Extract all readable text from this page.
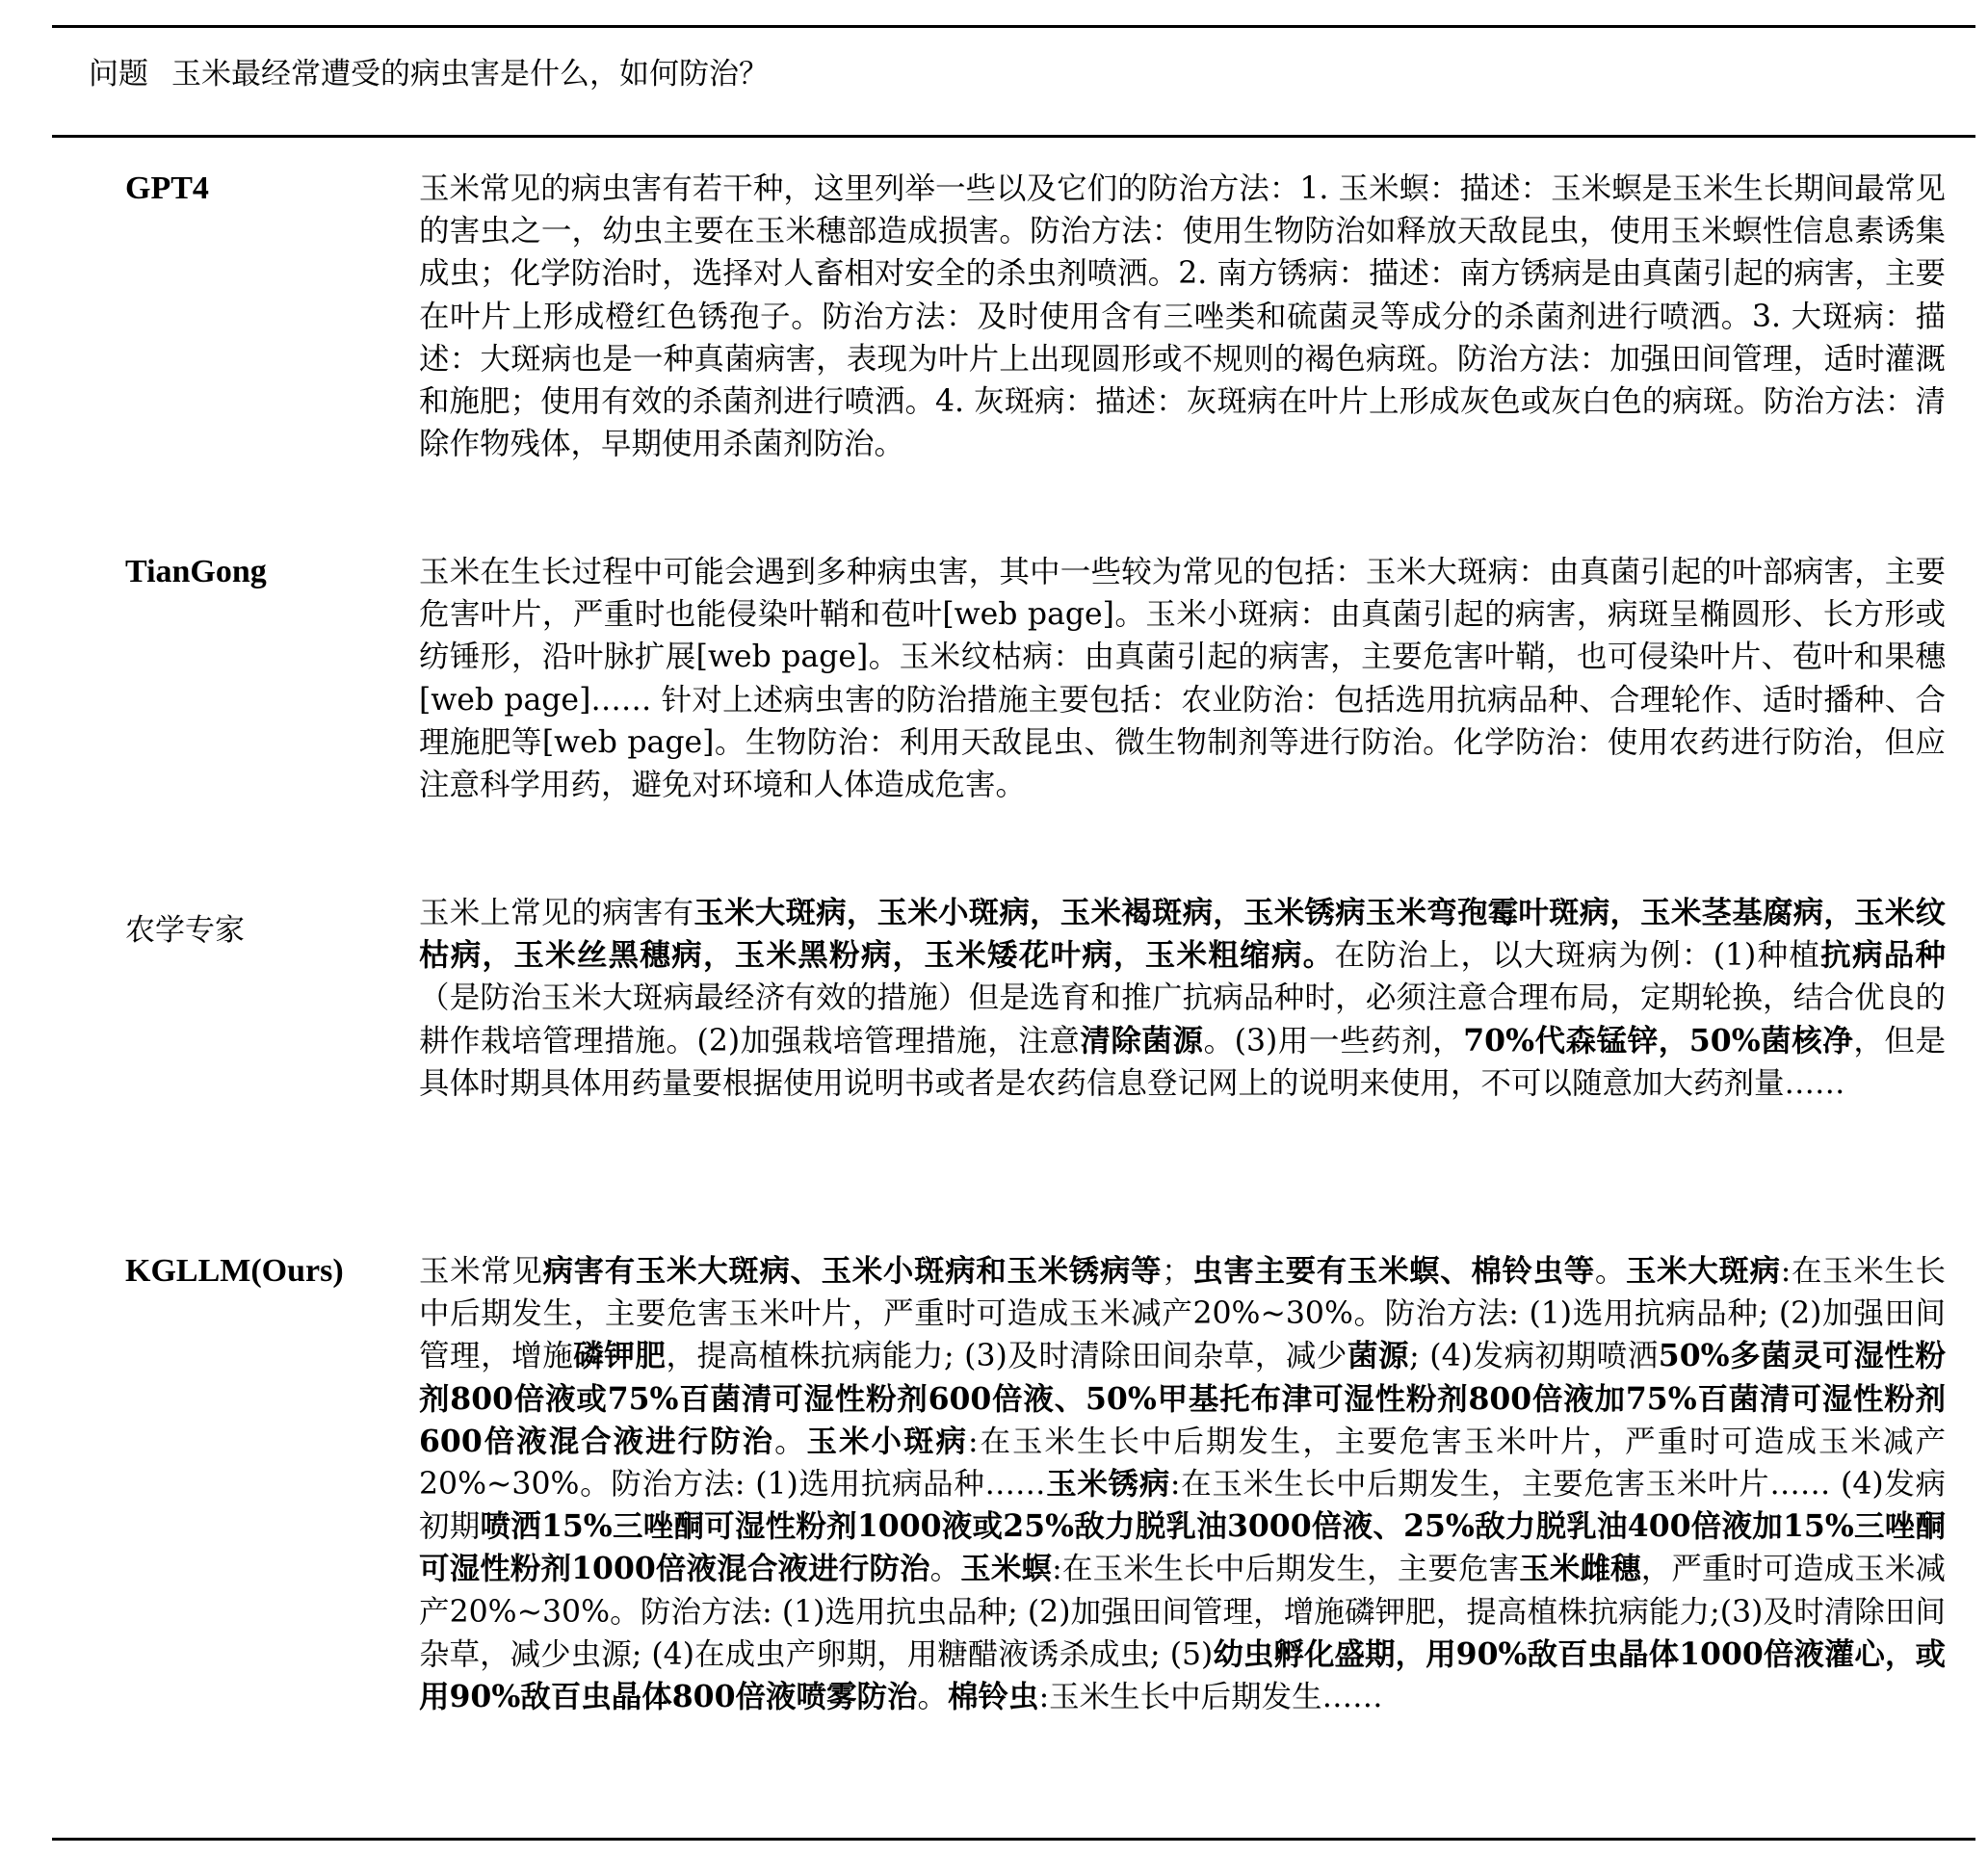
问题 玉米最经常遭受的病虫害是什么，如何防治？
GPT4	玉米常见的病虫害有若干种，这里列举一些以及它们的防治方法：1. 玉米螟：描述：玉米螟是玉米生长期间最常见的害虫之一，幼虫主要在玉米穗部造成损害。防治方法：使用生物防治如释放天敌昆虫，使用玉米螟性信息素诱集成虫；化学防治时，选择对人畜相对安全的杀虫剂喷洒。2. 南方锈病：描述：南方锈病是由真菌引起的病害，主要在叶片上形成橙红色锈孢子。防治方法：及时使用含有三唑类和硫菌灵等成分的杀菌剂进行喷洒。3. 大斑病：描述：大斑病也是一种真菌病害，表现为叶片上出现圆形或不规则的褐色病斑。防治方法：加强田间管理，适时灌溉和施肥；使用有效的杀菌剂进行喷洒。4. 灰斑病：描述：灰斑病在叶片上形成灰色或灰白色的病斑。防治方法：清除作物残体，早期使用杀菌剂防治。

TianGong	玉米在生长过程中可能会遇到多种病虫害，其中一些较为常见的包括：玉米大斑病：由真菌引起的叶部病害，主要危害叶片，严重时也能侵染叶鞘和苞叶[web page]。玉米小斑病：由真菌引起的病害，病斑呈椭圆形、长方形或纺锤形，沿叶脉扩展[web page]。玉米纹枯病：由真菌引起的病害，主要危害叶鞘，也可侵染叶片、苞叶和果穗[web page]…… 针对上述病虫害的防治措施主要包括：农业防治：包括选用抗病品种、合理轮作、适时播种、合理施肥等[web page]。生物防治：利用天敌昆虫、微生物制剂等进行防治。化学防治：使用农药进行防治，但应注意科学用药，避免对环境和人体造成危害。

农学专家	玉米上常见的病害有玉米大斑病，玉米小斑病，玉米褐斑病，玉米锈病玉米弯孢霉叶斑病，玉米茎基腐病，玉米纹枯病，玉米丝黑穗病，玉米黑粉病，玉米矮花叶病，玉米粗缩病。在防治上，以大斑病为例：(1)种植抗病品种（是防治玉米大斑病最经济有效的措施）但是选育和推广抗病品种时，必须注意合理布局，定期轮换，结合优良的耕作栽培管理措施。(2)加强栽培管理措施，注意清除菌源。(3)用一些药剂，70%代森锰锌，50%菌核净，但是具体时期具体用药量要根据使用说明书或者是农药信息登记网上的说明来使用，不可以随意加大药剂量……

KGLLM(Ours) 玉米常见病害有玉米大斑病、玉米小斑病和玉米锈病等；虫害主要有玉米螟、棉铃虫等。玉米大斑病:在玉米生长中后期发生，主要危害玉米叶片，严重时可造成玉米减产20%~30%。防治方法: (1)选用抗病品种; (2)加强田间管理，增施磷钾肥，提高植株抗病能力; (3)及时清除田间杂草，减少菌源; (4)发病初期喷洒50%多菌灵可湿性粉剂800倍液或75%百菌清可湿性粉剂600倍液、50%甲基托布津可湿性粉剂800倍液加75%百菌清可湿性粉剂600倍液混合液进行防治。玉米小斑病:在玉米生长中后期发生，主要危害玉米叶片，严重时可造成玉米减产20%~30%。防治方法: (1)选用抗病品种……玉米锈病:在玉米生长中后期发生，主要危害玉米叶片…… (4)发病初期喷洒15%三唑酮可湿性粉剂1000液或25%敌力脱乳油3000倍液、25%敌力脱乳油400倍液加15%三唑酮可湿性粉剂1000倍液混合液进行防治。玉米螟:在玉米生长中后期发生，主要危害玉米雌穗，严重时可造成玉米减产20%~30%。防治方法: (1)选用抗虫品种; (2)加强田间管理，增施磷钾肥，提高植株抗病能力;(3)及时清除田间杂草，减少虫源; (4)在成虫产卵期，用糖醋液诱杀成虫; (5)幼虫孵化盛期，用90%敌百虫晶体1000倍液灌心，或用90%敌百虫晶体800倍液喷雾防治。棉铃虫:玉米生长中后期发生……
